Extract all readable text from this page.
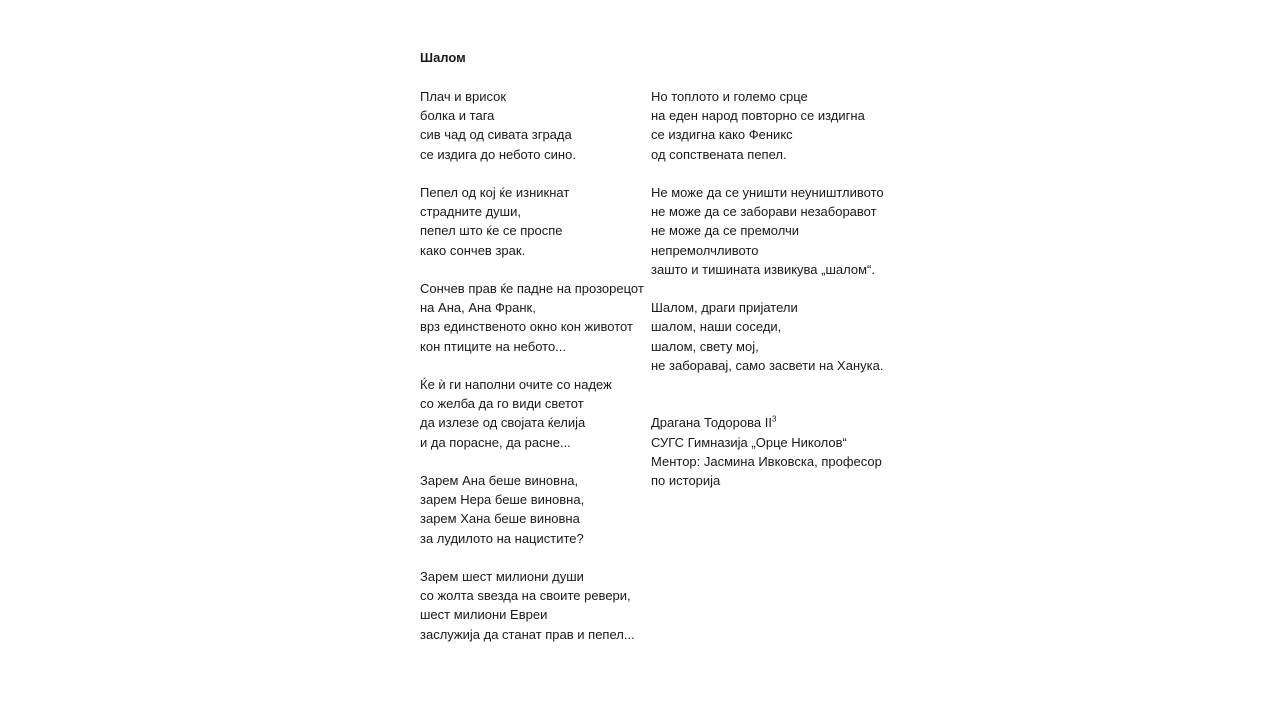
Шалом
Плач и врисок
болка и тага
сив чад од сивата зграда
се издига до небото сино.
Пепел од кој ќе изникнат
страдните души,
пепел што ќе се проспе
како сончев зрак.
Сончев прав ќе падне на прозорецот
на Ана, Ана Франк,
врз единственото окно кон животот
кон птиците на небото...
Ќе ѝ ги наполни очите со надеж
со желба да го види светот
да излезе од својата ќелија
и да порасне, да расне...
Зарем Ана беше виновна,
зарем Нера беше виновна,
зарем Хана беше виновна
за лудилото на нацистите?
Зарем шест милиони души
со жолта ѕвезда на своите ревери,
шест милиони Евреи
заслужија да станат прав и пепел...
Но топлото и големо срце
на еден народ повторно се издигна
се издигна како Феникс
од сопствената пепел.
Не може да се уништи неуништливото
не може да се заборави незаборавот
не може да се премолчи
непремолчливото
зашто и тишината извикува „шалом“.
Шалом, драги пријатели
шалом, наши соседи,
шалом, свету мој,
не заборавај, само засвети на Ханука.
Драгана Тодорова $II^3$
СУГС Гимназија „Орце Николов“
Ментор: Јасмина Ивковска, професор
по историја
